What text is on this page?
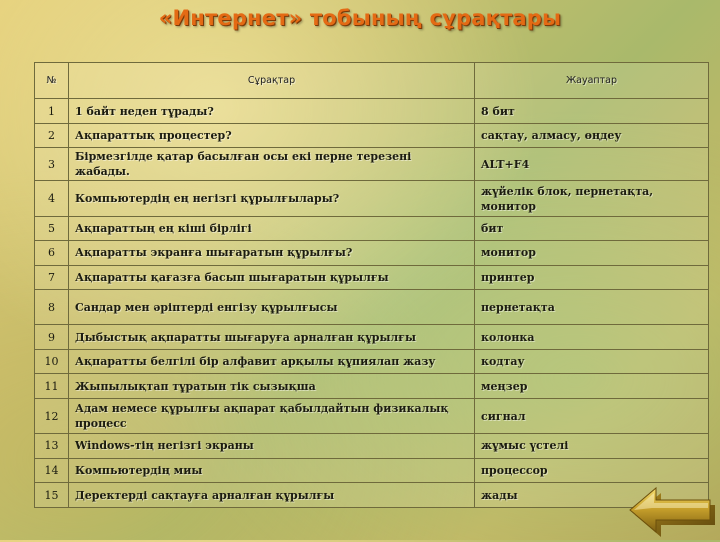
«Интернет» тобының сұрақтары
№	Сұрақтар	Жауаптар
1	1 байт неден тұрады?	8 бит
2	Ақпараттық процестер?	сақтау, алмасу, өңдеу
3	Бірмезгілде қатар басылған осы екі перне терезені жабады.	ALT+F4
4	Компьютердің ең негізгі құрылғылары?	жүйелік блок, пернетақта, монитор
5	Ақпараттың ең кіші бірлігі	бит
6	Ақпаратты экранға шығаратын құрылғы?	монитор
7	Ақпаратты қағазға басып шығаратын құрылғы	принтер
8	Сандар мен әріптерді енгізу құрылғысы	пернетақта
9	Дыбыстық ақпаратты шығаруға арналған құрылғы	колонка
10	Ақпаратты белгілі бір алфавит арқылы құпиялап жазу	кодтау
11	Жыпылықтап тұратын тік сызықша	меңзер
12	Адам немесе құрылғы ақпарат қабылдайтын физикалық процесс	сигнал
13	Windows-тің негізгі экраны	жұмыс үстелі
14	Компьютердің миы	процессор
15	Деректерді сақтауға арналған құрылғы	жады
